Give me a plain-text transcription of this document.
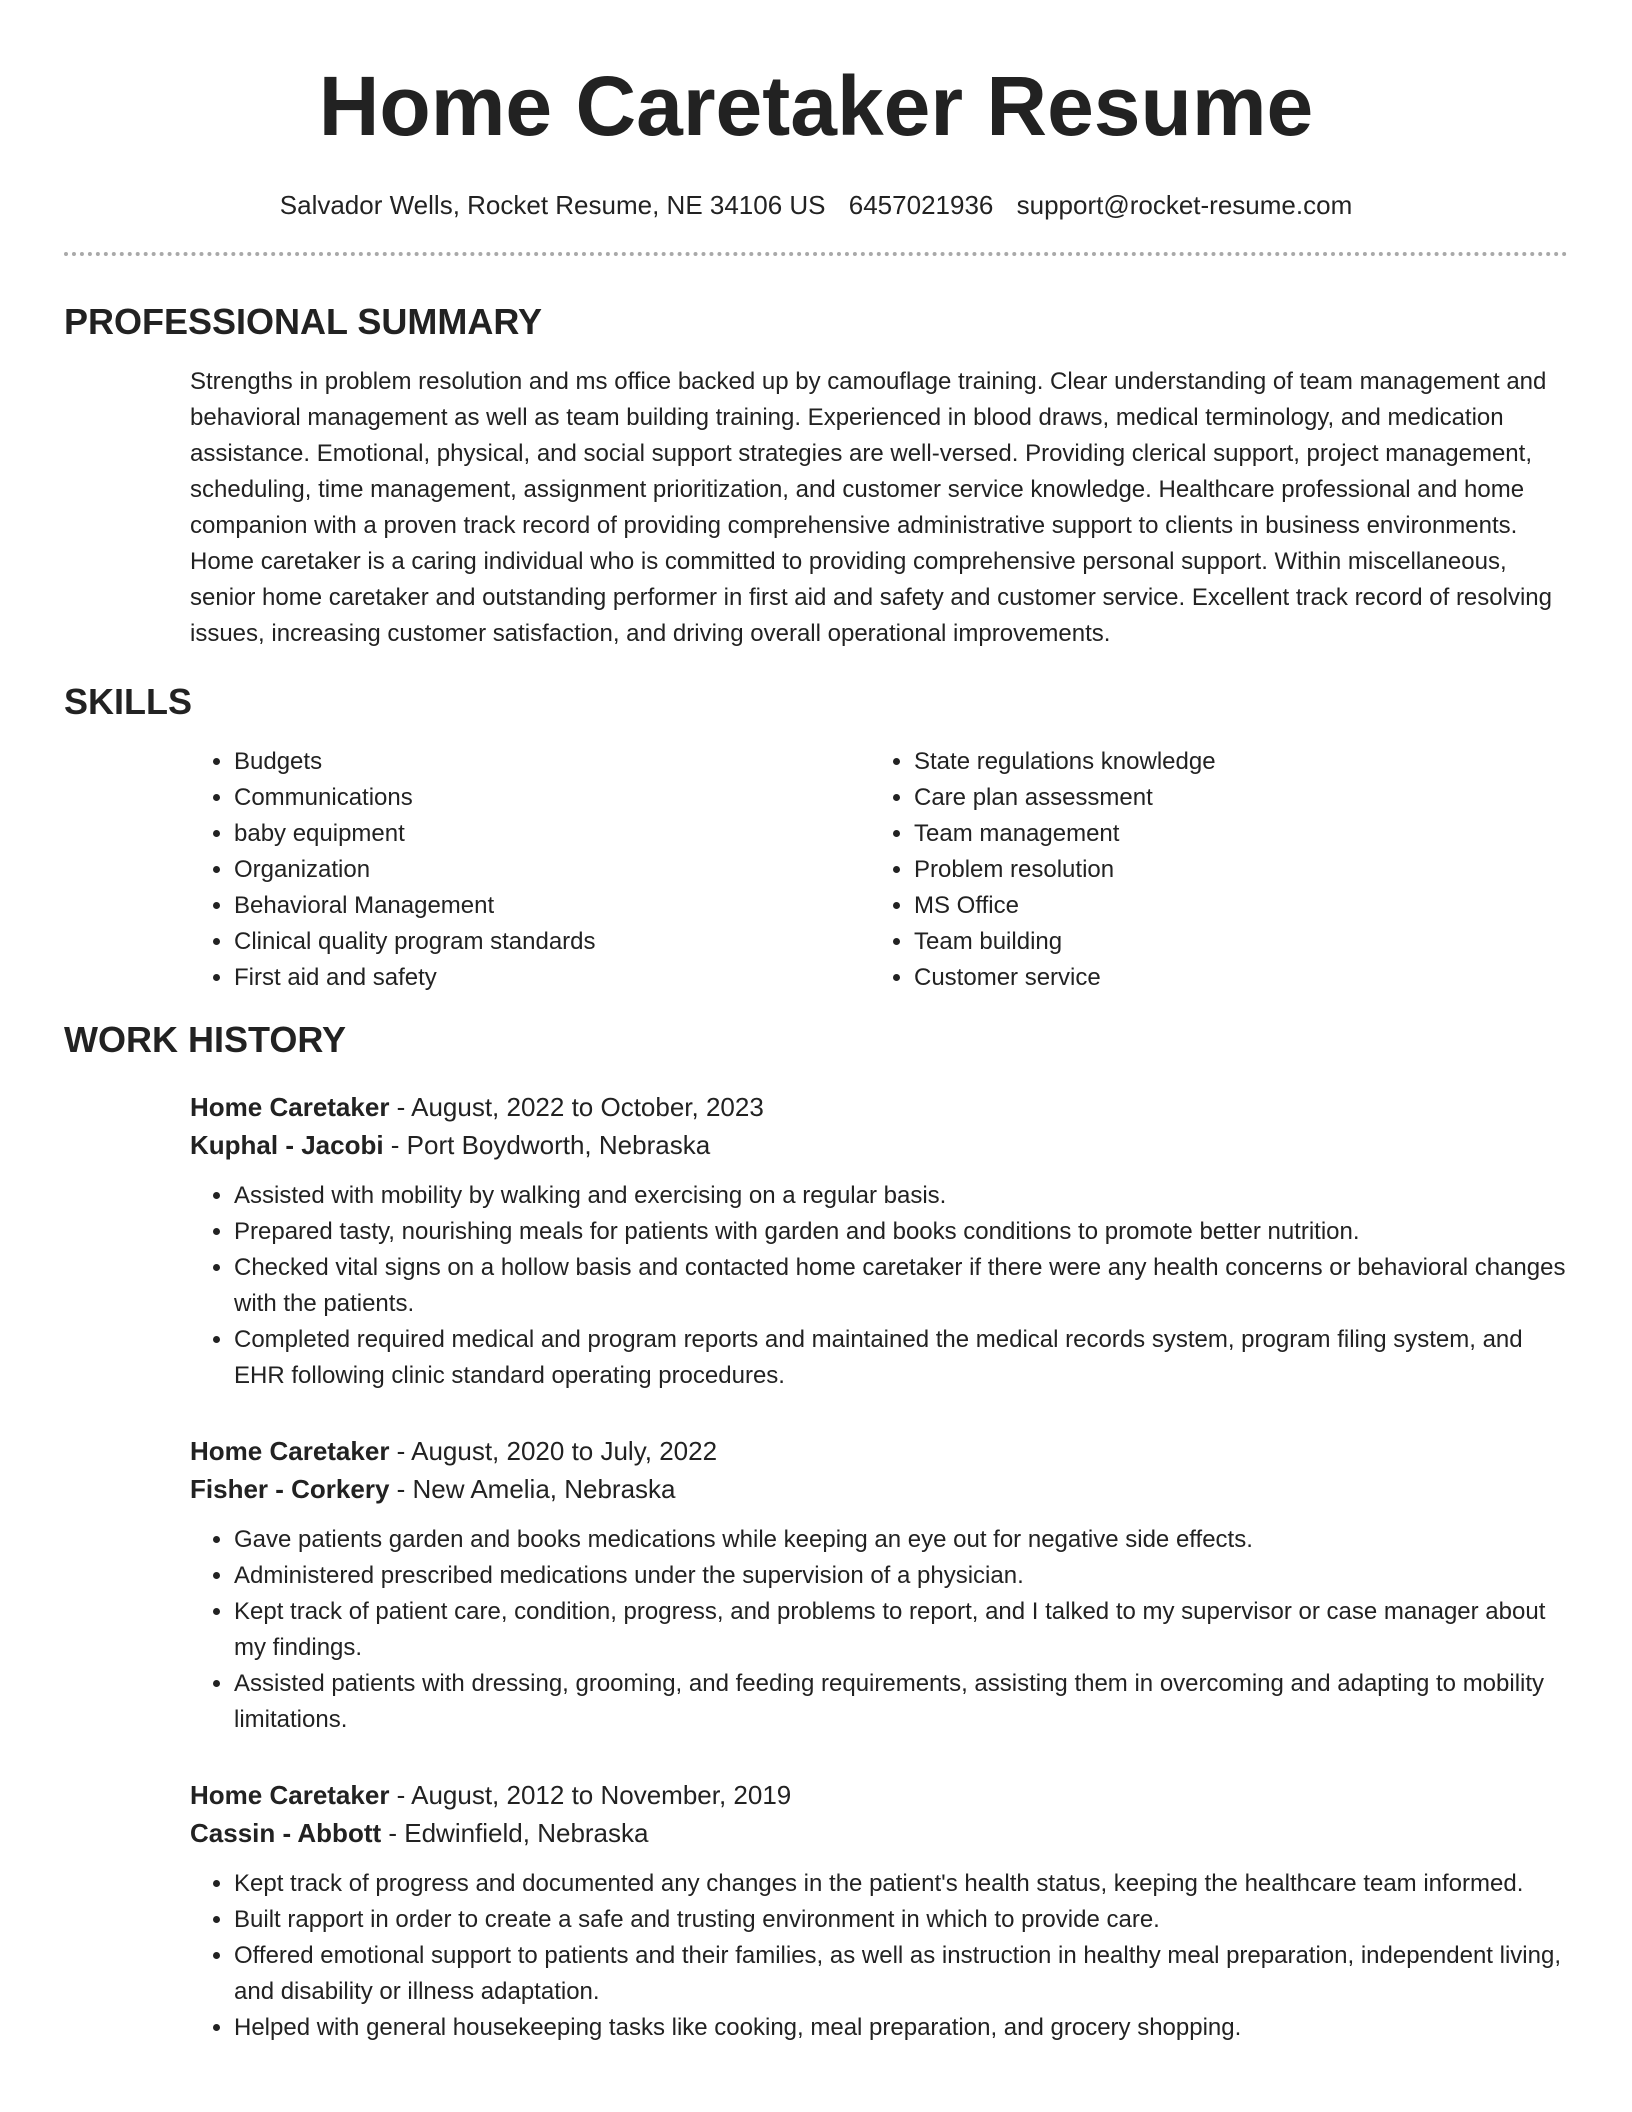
Home Caretaker Resume
Salvador Wells, Rocket Resume, NE 34106 US 6457021936 support@rocket-resume.com
PROFESSIONAL SUMMARY

Strengths in problem resolution and ms office backed up by camouflage training. Clear understanding of team management and behavioral management as well as team building training. Experienced in blood draws, medical terminology, and medication assistance. Emotional, physical, and social support strategies are well-versed. Providing clerical support, project management, scheduling, time management, assignment prioritization, and customer service knowledge. Healthcare professional and home companion with a proven track record of providing comprehensive administrative support to clients in business environments. Home caretaker is a caring individual who is committed to providing comprehensive personal support. Within miscellaneous, senior home caretaker and outstanding performer in first aid and safety and customer service. Excellent track record of resolving issues, increasing customer satisfaction, and driving overall operational improvements.

SKILLS
• Budgets
• Communications
• baby equipment
• Organization
• Behavioral Management
• Clinical quality program standards
• First aid and safety
• State regulations knowledge
• Care plan assessment
• Team management
• Problem resolution
• MS Office
• Team building
• Customer service
WORK HISTORY
Home Caretaker - August, 2022 to October, 2023
Kuphal - Jacobi - Port Boydworth, Nebraska
• Assisted with mobility by walking and exercising on a regular basis.
• Prepared tasty, nourishing meals for patients with garden and books conditions to promote better nutrition.
• Checked vital signs on a hollow basis and contacted home caretaker if there were any health concerns or behavioral changes with the patients.
• Completed required medical and program reports and maintained the medical records system, program filing system, and EHR following clinic standard operating procedures.
Home Caretaker - August, 2020 to July, 2022
Fisher - Corkery - New Amelia, Nebraska
• Gave patients garden and books medications while keeping an eye out for negative side effects.
• Administered prescribed medications under the supervision of a physician.
• Kept track of patient care, condition, progress, and problems to report, and I talked to my supervisor or case manager about my findings.
• Assisted patients with dressing, grooming, and feeding requirements, assisting them in overcoming and adapting to mobility limitations.
Home Caretaker - August, 2012 to November, 2019
Cassin - Abbott - Edwinfield, Nebraska
• Kept track of progress and documented any changes in the patient's health status, keeping the healthcare team informed.
• Built rapport in order to create a safe and trusting environment in which to provide care.
• Offered emotional support to patients and their families, as well as instruction in healthy meal preparation, independent living, and disability or illness adaptation.
• Helped with general housekeeping tasks like cooking, meal preparation, and grocery shopping.
